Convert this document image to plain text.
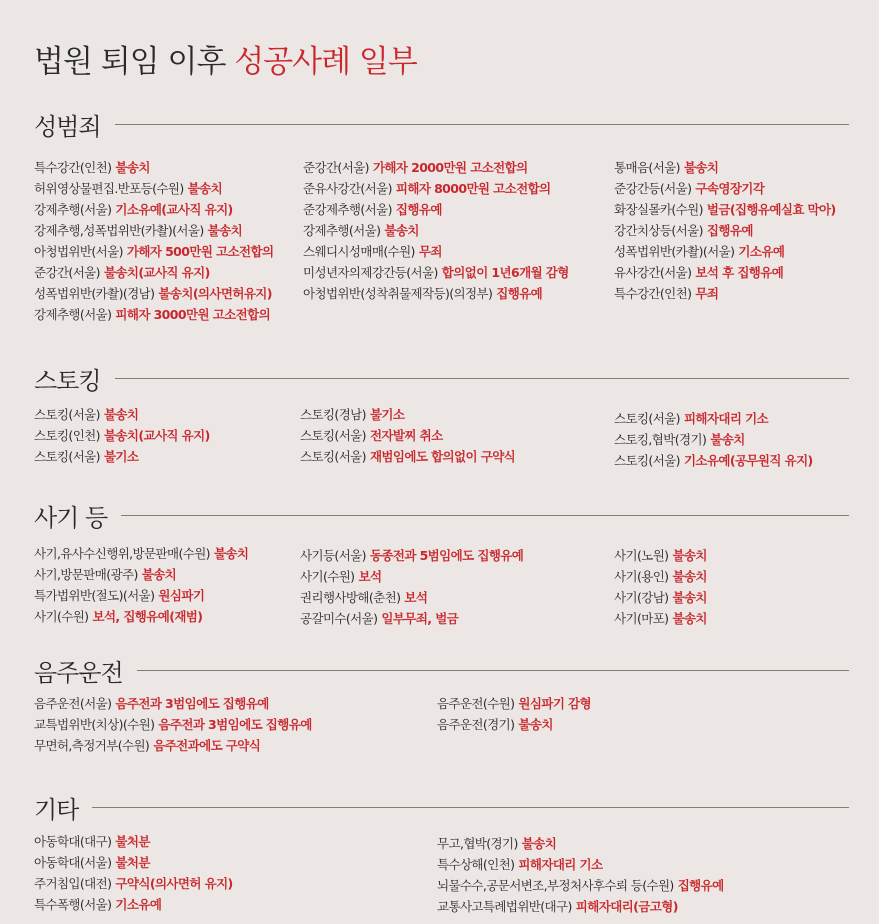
법원 퇴임 이후 성공사례 일부
성범죄
특수강간(인천) 불송치
허위영상물편집.반포등(수원) 불송치
강제추행(서울) 기소유예(교사직 유지)
강제추행,성폭법위반(카촬)(서울) 불송치
아청법위반(서울) 가해자 500만원 고소전합의
준강간(서울) 불송치(교사직 유지)
성폭법위반(카촬)(경남) 불송치(의사면허유지)
강제추행(서울) 피해자 3000만원 고소전합의
준강간(서울) 가해자 2000만원 고소전합의
준유사강간(서울) 피해자 8000만원 고소전합의
준강제추행(서울) 집행유예
강제추행(서울) 불송치
스웨디시성매매(수원) 무죄
미성년자의제강간등(서울) 합의없이 1년6개월 감형
아청법위반(성착취물제작등)(의정부) 집행유예
통매음(서울) 불송치
준강간등(서울) 구속영장기각
화장실몰카(수원) 벌금(집행유예실효 막아)
강간치상등(서울) 집행유예
성폭법위반(카촬)(서울) 기소유예
유사강간(서울) 보석 후 집행유예
특수강간(인천) 무죄
스토킹
스토킹(서울) 불송치
스토킹(인천) 불송치(교사직 유지)
스토킹(서울) 불기소
스토킹(경남) 불기소
스토킹(서울) 전자발찌 취소
스토킹(서울) 재범임에도 합의없이 구약식
스토킹(서울) 피해자대리 기소
스토킹,협박(경기) 불송치
스토킹(서울) 기소유예(공무원직 유지)
사기 등
사기,유사수신행위,방문판매(수원) 불송치
사기,방문판매(광주) 불송치
특가법위반(절도)(서울) 원심파기
사기(수원) 보석, 집행유예(재범)
사기등(서울) 동종전과 5범임에도 집행유예
사기(수원) 보석
권리행사방해(춘천) 보석
공갈미수(서울) 일부무죄, 벌금
사기(노원) 불송치
사기(용인) 불송치
사기(강남) 불송치
사기(마포) 불송치
음주운전
음주운전(서울) 음주전과 3범임에도 집행유예
교특법위반(치상)(수원) 음주전과 3범임에도 집행유예
무면허,측정거부(수원) 음주전과에도 구약식
음주운전(수원) 원심파기 감형
음주운전(경기) 불송치
기타
아동학대(대구) 불처분
아동학대(서울) 불처분
주거침입(대전) 구약식(의사면허 유지)
특수폭행(서울) 기소유예
무고,협박(경기) 불송치
특수상해(인천) 피해자대리 기소
뇌물수수,공문서변조,부정처사후수뢰 등(수원) 집행유예
교통사고특례법위반(대구) 피해자대리(금고형)
